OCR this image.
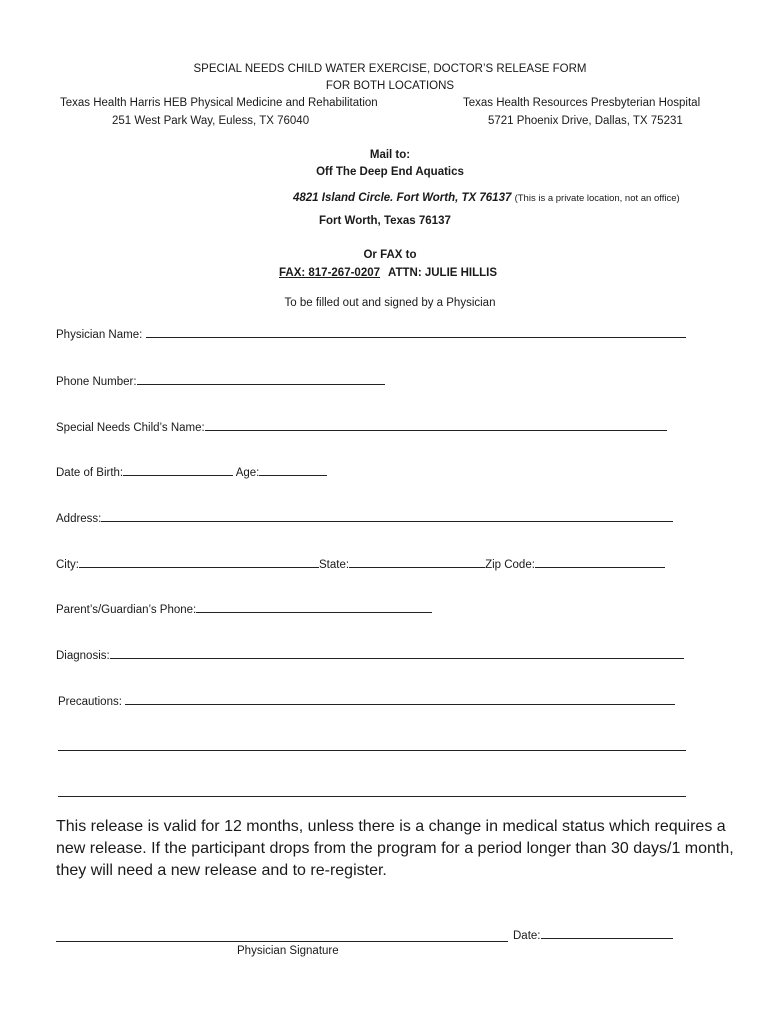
SPECIAL NEEDS CHILD WATER EXERCISE, DOCTOR’S RELEASE FORM
FOR BOTH LOCATIONS
Texas Health Harris HEB Physical Medicine and Rehabilitation
251 West Park Way, Euless, TX 76040
Texas Health Resources Presbyterian Hospital
5721 Phoenix Drive, Dallas, TX 75231
Mail to:
Off The Deep End Aquatics
4821 Island Circle. Fort Worth, TX 76137 (This is a private location, not an office)
Fort Worth, Texas 76137
Or FAX to
FAX: 817-267-0207 ATTN: JULIE HILLIS
To be filled out and signed by a Physician
Physician Name:
Phone Number:
Special Needs Child’s Name:
Date of Birth:	Age:
Address:
City:	State:	Zip Code:
Parent’s/Guardian’s Phone:
Diagnosis:
Precautions:
This release is valid for 12 months, unless there is a change in medical status which requires a new release. If the participant drops from the program for a period longer than 30 days/1 month, they will need a new release and to re-register.
Date:
Physician Signature
